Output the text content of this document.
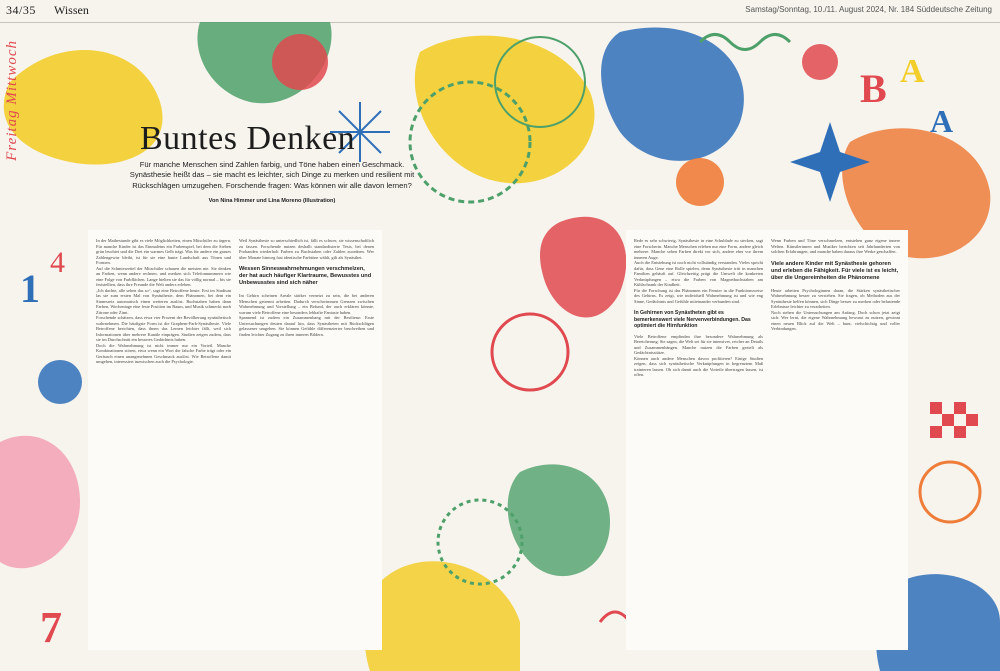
34/35 Wissen	Samstag/Sonntag, 10./11. August 2024, Nr. 184 Süddeutsche Zeitung
B A
A
1
4
7
Freitag Mittwoch	Buntes Denken
Für manche Menschen sind Zahlen farbig, und Töne haben einen Geschmack. Synästhesie heißt das – sie macht es leichter, sich Dinge zu merken und resilient mit Rückschlägen umzugehen. Forschende fragen: Was können wir alle davon lernen?
Von Nina Himmer und Lina Moreno (Illustration)

In der Mathestunde gibt es viele Möglichkeiten, einen Mitschüler zu ärgern. Für manche Kinder ist das Einmaleins ein Farbenspiel, bei dem die Sieben grün leuchtet und die Drei ein warmes Gelb trägt. Was für andere ein graues Zahlengewirr bleibt, ist für sie eine bunte Landschaft aus Tönen und Formen.

Auf die Schmierzettel der Mitschüler schauen die meisten nie. Sie denken an Farben, wenn andere rechnen, und merken sich Telefonnummern wie eine Folge von Farbflächen. Lange hielten sie das für völlig normal – bis sie feststellten, dass ihre Freunde die Welt anders erleben.

„Ich dachte, alle sehen das so“, sagt eine Betroffene heute. Erst im Studium las sie zum ersten Mal von Synästhesie, dem Phänomen, bei dem ein Sinnesreiz automatisch einen weiteren auslöst. Buchstaben haben dann Farben, Wochentage eine feste Position im Raum, und Musik schmeckt nach Zitrone oder Zimt.

Forschende schätzen, dass etwa vier Prozent der Bevölkerung synästhetisch wahrnehmen. Die häufigste Form ist die Graphem-Farb-Synästhesie. Viele Betroffene berichten, dass ihnen das Lernen leichter fällt, weil sich Informationen über mehrere Kanäle einprägen. Studien zeigen zudem, dass sie im Durchschnitt ein besseres Gedächtnis haben.

Doch die Wahrnehmung ist nicht immer nur ein Vorteil. Manche Kombinationen stören, etwa wenn ein Wort die falsche Farbe trägt oder ein Geräusch einen unangenehmen Geschmack auslöst. Wie Betroffene damit umgehen, interessiert inzwischen auch die Psychologie.

Weil Synästhesie so unterschiedlich ist, fällt es schwer, sie wissenschaftlich zu fassen. Forschende nutzen deshalb standardisierte Tests, bei denen Probanden wiederholt Farben zu Buchstaben oder Zahlen zuordnen. Wer über Monate hinweg fast identische Farbtöne wählt, gilt als Synästhet.

Wessen Sinneswahrnehmungen verschmelzen, der hat auch häufiger Klartraume, Bewusstes und Unbewusstes sind sich näher

Im Gehirn scheinen Areale stärker vernetzt zu sein, die bei anderen Menschen getrennt arbeiten. Dadurch verschwimmen Grenzen zwischen Wahrnehmung und Vorstellung – ein Befund, der auch erklären könnte, warum viele Betroffene eine besonders lebhafte Fantasie haben.

Spannend ist zudem ein Zusammenhang mit der Resilienz: Erste Untersuchungen deuten darauf hin, dass Synästheten mit Rückschlägen gelassener umgehen. Sie können Gefühle differenzierter beschreiben und finden leichter Zugang zu ihren inneren Bildern.

Rede es sehr schwierig, Synästhesie in eine Schublade zu stecken, sagt eine Forscherin. Manche Menschen erleben nur eine Form, andere gleich mehrere. Manche sehen Farben direkt vor sich, andere eher vor ihrem inneren Auge.

Auch die Entstehung ist noch nicht vollständig verstanden. Vieles spricht dafür, dass Gene eine Rolle spielen, denn Synästhesie tritt in manchen Familien gehäuft auf. Gleichzeitig prägt die Umwelt die konkreten Verknüpfungen – etwa die Farben von Magnetbuchstaben am Kühlschrank der Kindheit.

Für die Forschung ist das Phänomen ein Fenster in die Funktionsweise des Gehirns. Es zeigt, wie individuell Wahrnehmung ist und wie eng Sinne, Gedächtnis und Gefühle miteinander verbunden sind.

In Gehirnen von Synästheten gibt es bemerkenswert viele Nervenverbindungen. Das optimiert die Hirnfunktion

Viele Betroffene empfinden ihre besondere Wahrnehmung als Bereicherung. Sie sagen, die Welt sei für sie intensiver, reicher an Details und Zusammenhängen. Manche nutzen die Farben gezielt als Gedächtnisstütze.

Können auch andere Menschen davon profitieren? Einige Studien zeigen, dass sich synästhetische Verknüpfungen in begrenztem Maß trainieren lassen. Ob sich damit auch die Vorteile übertragen lassen, ist offen.

Wenn Farben und Töne verschmelzen, entstehen ganz eigene innere Welten. Künstlerinnen und Musiker berichten seit Jahrhunderten von solchen Erfahrungen, und manche haben daraus ihre Werke geschaffen.

Viele andere Kinder mit Synästhesie gehoren und erleben die Fähigkeit. Für viele ist es leicht, über die Ungereimheiten die Phänomene

Heute arbeiten Psychologinnen daran, die Stärken synästhetischer Wahrnehmung besser zu verstehen. Sie fragen, ob Methoden aus der Synästhesie helfen können, sich Dinge besser zu merken oder belastende Erlebnisse leichter zu verarbeiten.

Noch stehen die Untersuchungen am Anfang. Doch schon jetzt zeigt sich: Wer lernt, die eigene Wahrnehmung bewusst zu nutzen, gewinnt einen neuen Blick auf die Welt – bunt, vielschichtig und voller Verbindungen.
